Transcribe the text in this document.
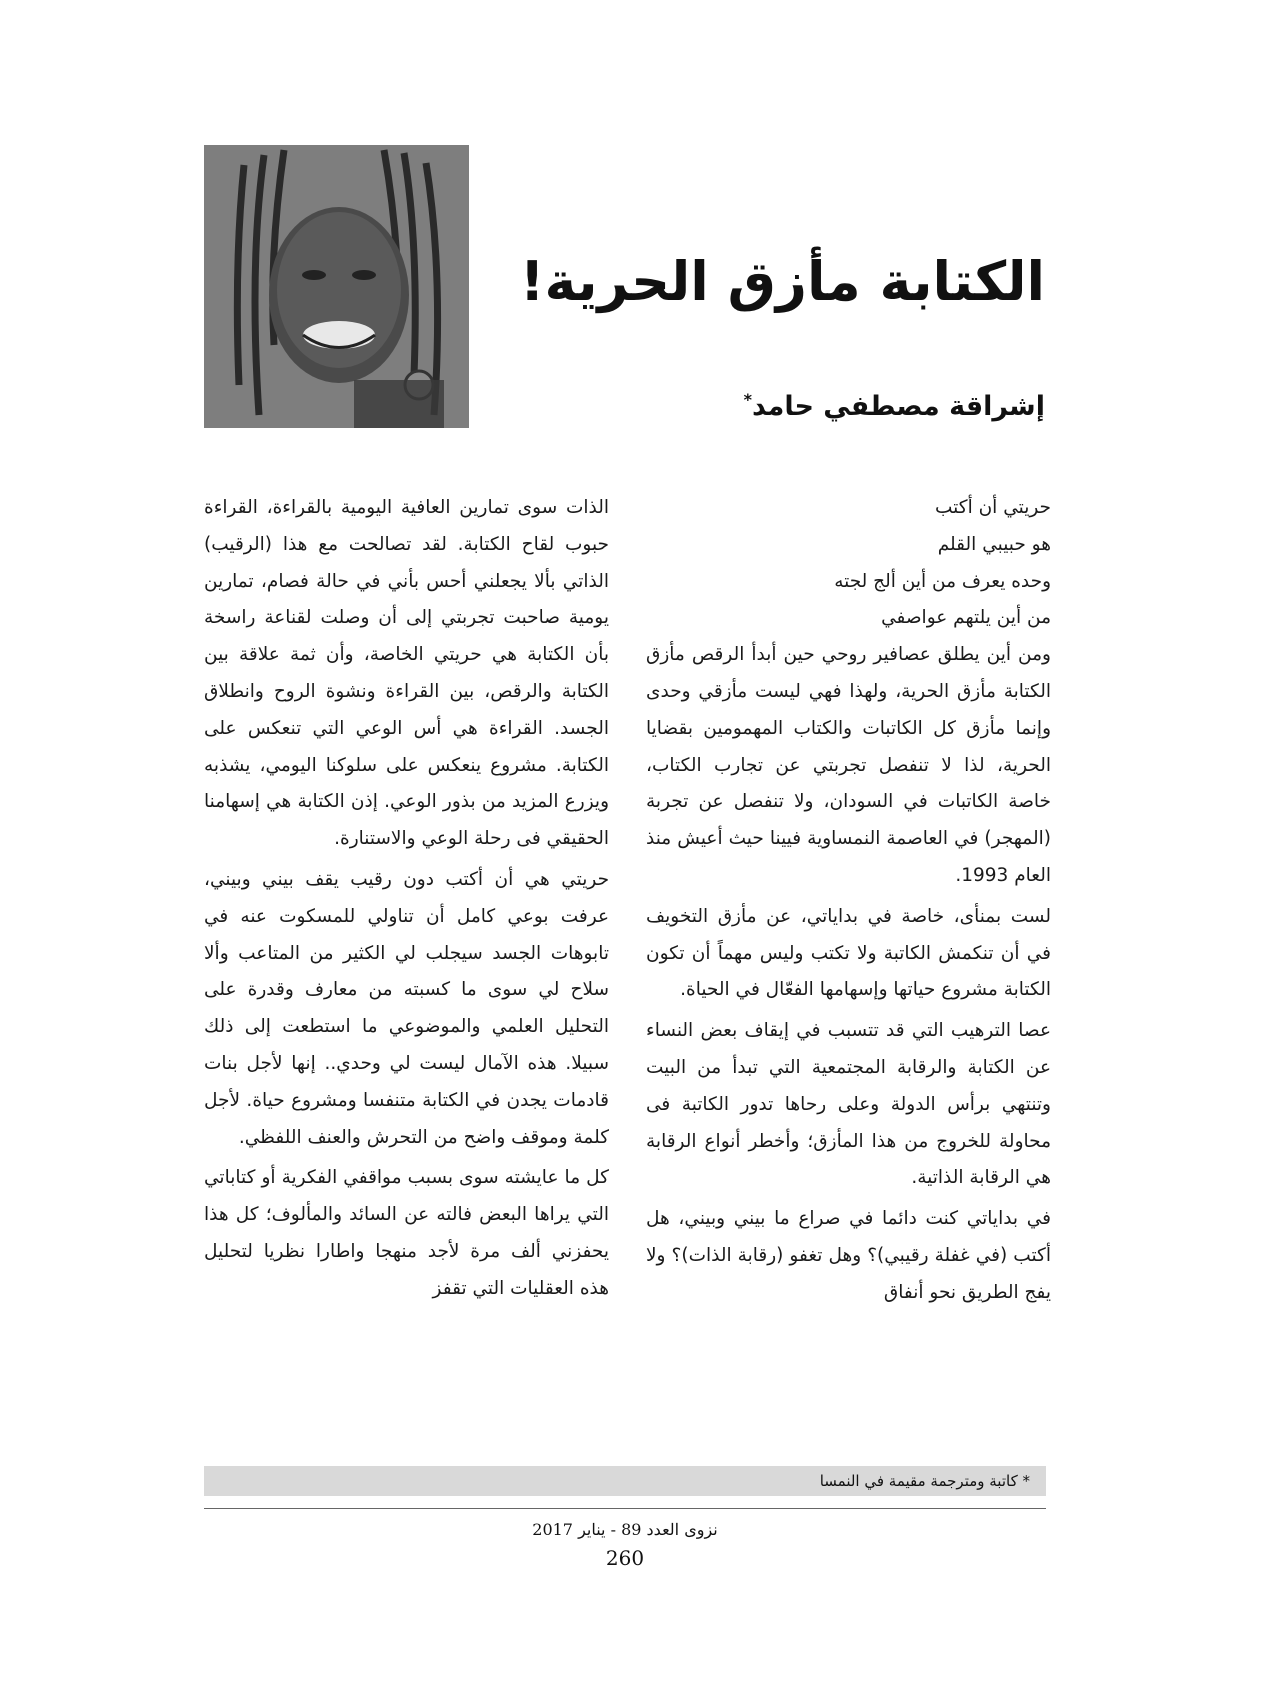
الكتابة مأزق الحرية!
إشراقة مصطفي حامد*
حريتي أن أكتب
هو حبيبي القلم
وحده يعرف من أين ألج لجته
من أين يلتهم عواصفي

ومن أين يطلق عصافير روحي حين أبدأ الرقص مأزق الكتابة مأزق الحرية، ولهذا فهي ليست مأزقي وحدى وإنما مأزق كل الكاتبات والكتاب المهمومين بقضايا الحرية، لذا لا تنفصل تجربتي عن تجارب الكتاب، خاصة الكاتبات في السودان، ولا تنفصل عن تجربة (المهجر) في العاصمة النمساوية فيينا حيث أعيش منذ العام 1993.

لست بمنأى، خاصة في بداياتي، عن مأزق التخويف في أن تنكمش الكاتبة ولا تكتب وليس مهماً أن تكون الكتابة مشروع حياتها وإسهامها الفعّال في الحياة.

عصا الترهيب التي قد تتسبب في إيقاف بعض النساء عن الكتابة والرقابة المجتمعية التي تبدأ من البيت وتنتهي برأس الدولة وعلى رحاها تدور الكاتبة فى محاولة للخروج من هذا المأزق؛ وأخطر أنواع الرقابة هي الرقابة الذاتية.

في بداياتي كنت دائما في صراع ما بيني وبيني، هل أكتب (في غفلة رقيبي)؟ وهل تغفو (رقابة الذات)؟ ولا يفج الطريق نحو أنفاق

الذات سوى تمارين العافية اليومية بالقراءة، القراءة حبوب لقاح الكتابة. لقد تصالحت مع هذا (الرقيب) الذاتي بألا يجعلني أحس بأني في حالة فصام، تمارين يومية صاحبت تجربتي إلى أن وصلت لقناعة راسخة بأن الكتابة هي حريتي الخاصة، وأن ثمة علاقة بين الكتابة والرقص، بين القراءة ونشوة الروح وانطلاق الجسد. القراءة هي أس الوعي التي تنعكس على الكتابة. مشروع ينعكس على سلوكنا اليومي، يشذبه ويزرع المزيد من بذور الوعي. إذن الكتابة هي إسهامنا الحقيقي فى رحلة الوعي والاستنارة.

حريتي هي أن أكتب دون رقيب يقف بيني وبيني، عرفت بوعي كامل أن تناولي للمسكوت عنه في تابوهات الجسد سيجلب لي الكثير من المتاعب وألا سلاح لي سوى ما كسبته من معارف وقدرة على التحليل العلمي والموضوعي ما استطعت إلى ذلك سبيلا. هذه الآمال ليست لي وحدي.. إنها لأجل بنات قادمات يجدن في الكتابة متنفسا ومشروع حياة. لأجل كلمة وموقف واضح من التحرش والعنف اللفظي.

كل ما عايشته سوى بسبب مواقفي الفكرية أو كتاباتي التي يراها البعض فالته عن السائد والمألوف؛ كل هذا يحفزني ألف مرة لأجد منهجا واطارا نظريا لتحليل هذه العقليات التي تقفز

* كاتبة ومترجمة مقيمة في النمسا
نزوى العدد 89 - يناير 2017
260
